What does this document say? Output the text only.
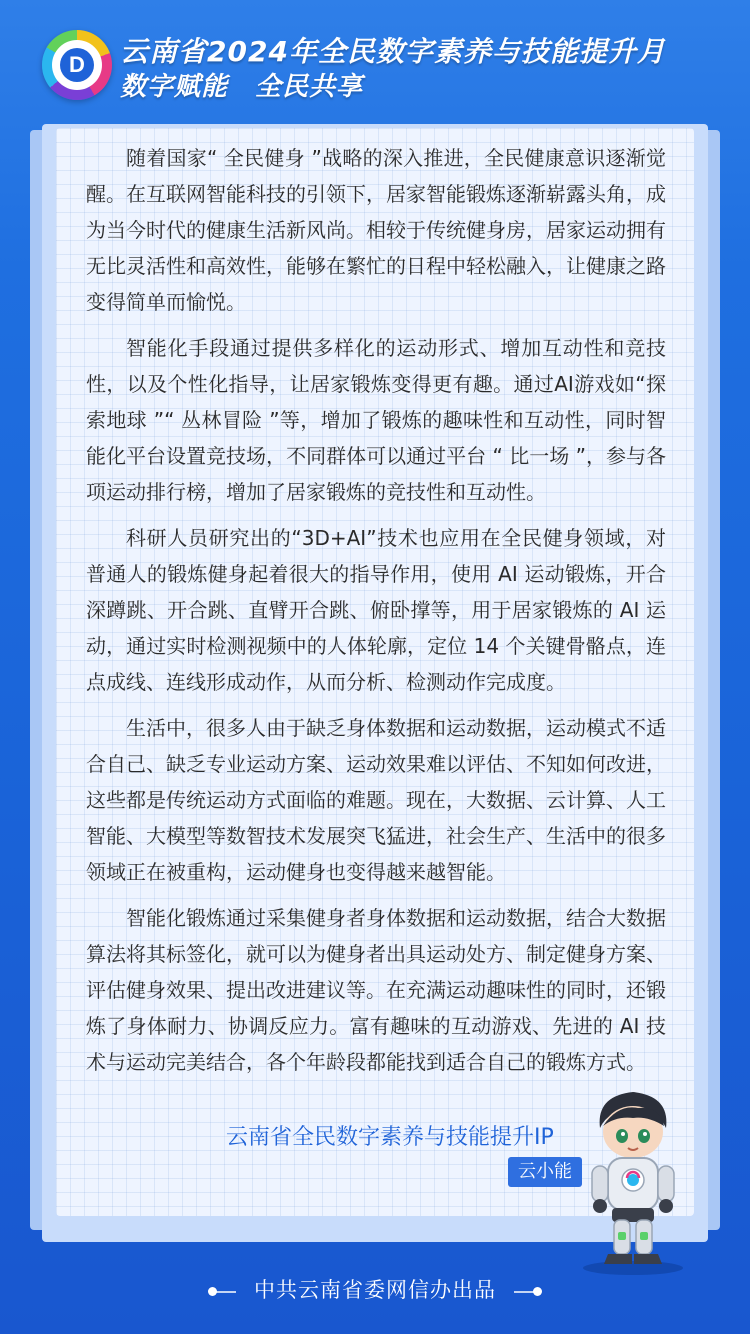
D	云南省2024年全民数字素养与技能提升月
数字赋能　全民共享

随着国家“ 全民健身 ”战略的深入推进，全民健康意识逐渐觉醒。在互联网智能科技的引领下，居家智能锻炼逐渐崭露头角，成为当今时代的健康生活新风尚。相较于传统健身房，居家运动拥有无比灵活性和高效性，能够在繁忙的日程中轻松融入，让健康之路变得简单而愉悦。

智能化手段通过提供多样化的运动形式、增加互动性和竞技性，以及个性化指导，让居家锻炼变得更有趣。通过AI游戏如“探索地球 ”“ 丛林冒险 ”等，增加了锻炼的趣味性和互动性，同时智能化平台设置竞技场，不同群体可以通过平台 “ 比一场 ”，参与各项运动排行榜，增加了居家锻炼的竞技性和互动性。

科研人员研究出的“3D+AI”技术也应用在全民健身领域，对普通人的锻炼健身起着很大的指导作用，使用 AI 运动锻炼，开合深蹲跳、开合跳、直臂开合跳、俯卧撑等，用于居家锻炼的 AI 运动，通过实时检测视频中的人体轮廓，定位 14 个关键骨骼点，连点成线、连线形成动作，从而分析、检测动作完成度。

生活中，很多人由于缺乏身体数据和运动数据，运动模式不适合自己、缺乏专业运动方案、运动效果难以评估、不知如何改进，这些都是传统运动方式面临的难题。现在，大数据、云计算、人工智能、大模型等数智技术发展突飞猛进，社会生产、生活中的很多领域正在被重构，运动健身也变得越来越智能。

智能化锻炼通过采集健身者身体数据和运动数据，结合大数据算法将其标签化，就可以为健身者出具运动处方、制定健身方案、评估健身效果、提出改进建议等。在充满运动趣味性的同时，还锻炼了身体耐力、协调反应力。富有趣味的互动游戏、先进的 AI 技术与运动完美结合，各个年龄段都能找到适合自己的锻炼方式。

云南省全民数字素养与技能提升IP
云小能
中共云南省委网信办出品
